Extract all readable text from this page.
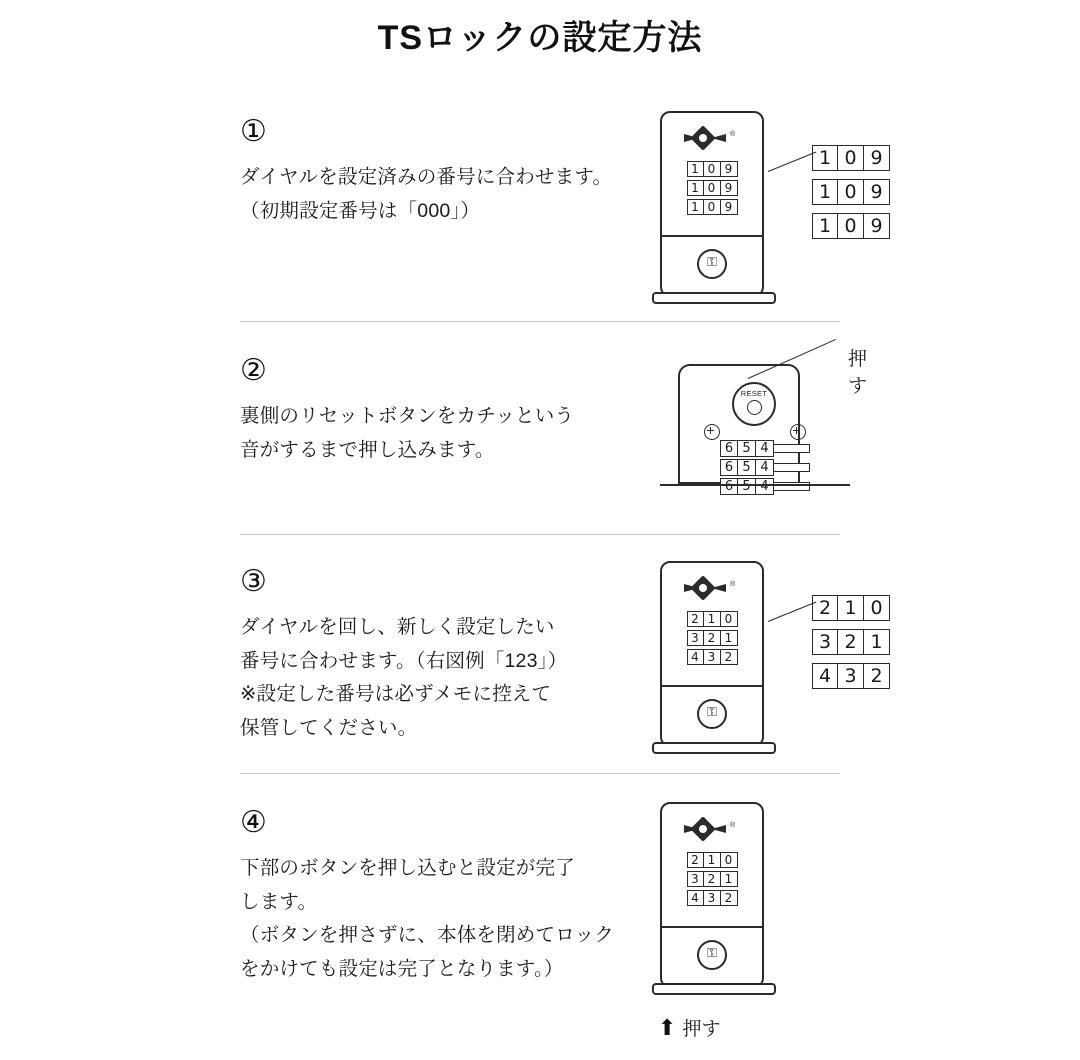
TSロックの設定方法
①
ダイヤルを設定済みの番号に合わせます。
（初期設定番号は「000」）
®
1 0 9
1 0 9
1 0 9
⚿
1 0 9
1 0 9
1 0 9
②
裏側のリセットボタンをカチッという
音がするまで押し込みます。
RESET
6 5 4
6 5 4
6 5 4
押す
③
ダイヤルを回し、新しく設定したい
番号に合わせます。（右図例「123」）
※設定した番号は必ずメモに控えて
保管してください。
®
2 1 0
3 2 1
4 3 2
⚿
2 1 0
3 2 1
4 3 2
④
下部のボタンを押し込むと設定が完了
します。
（ボタンを押さずに、本体を閉めてロック
をかけても設定は完了となります。）
®
2 1 0
3 2 1
4 3 2
⚿
⬆ 押す
